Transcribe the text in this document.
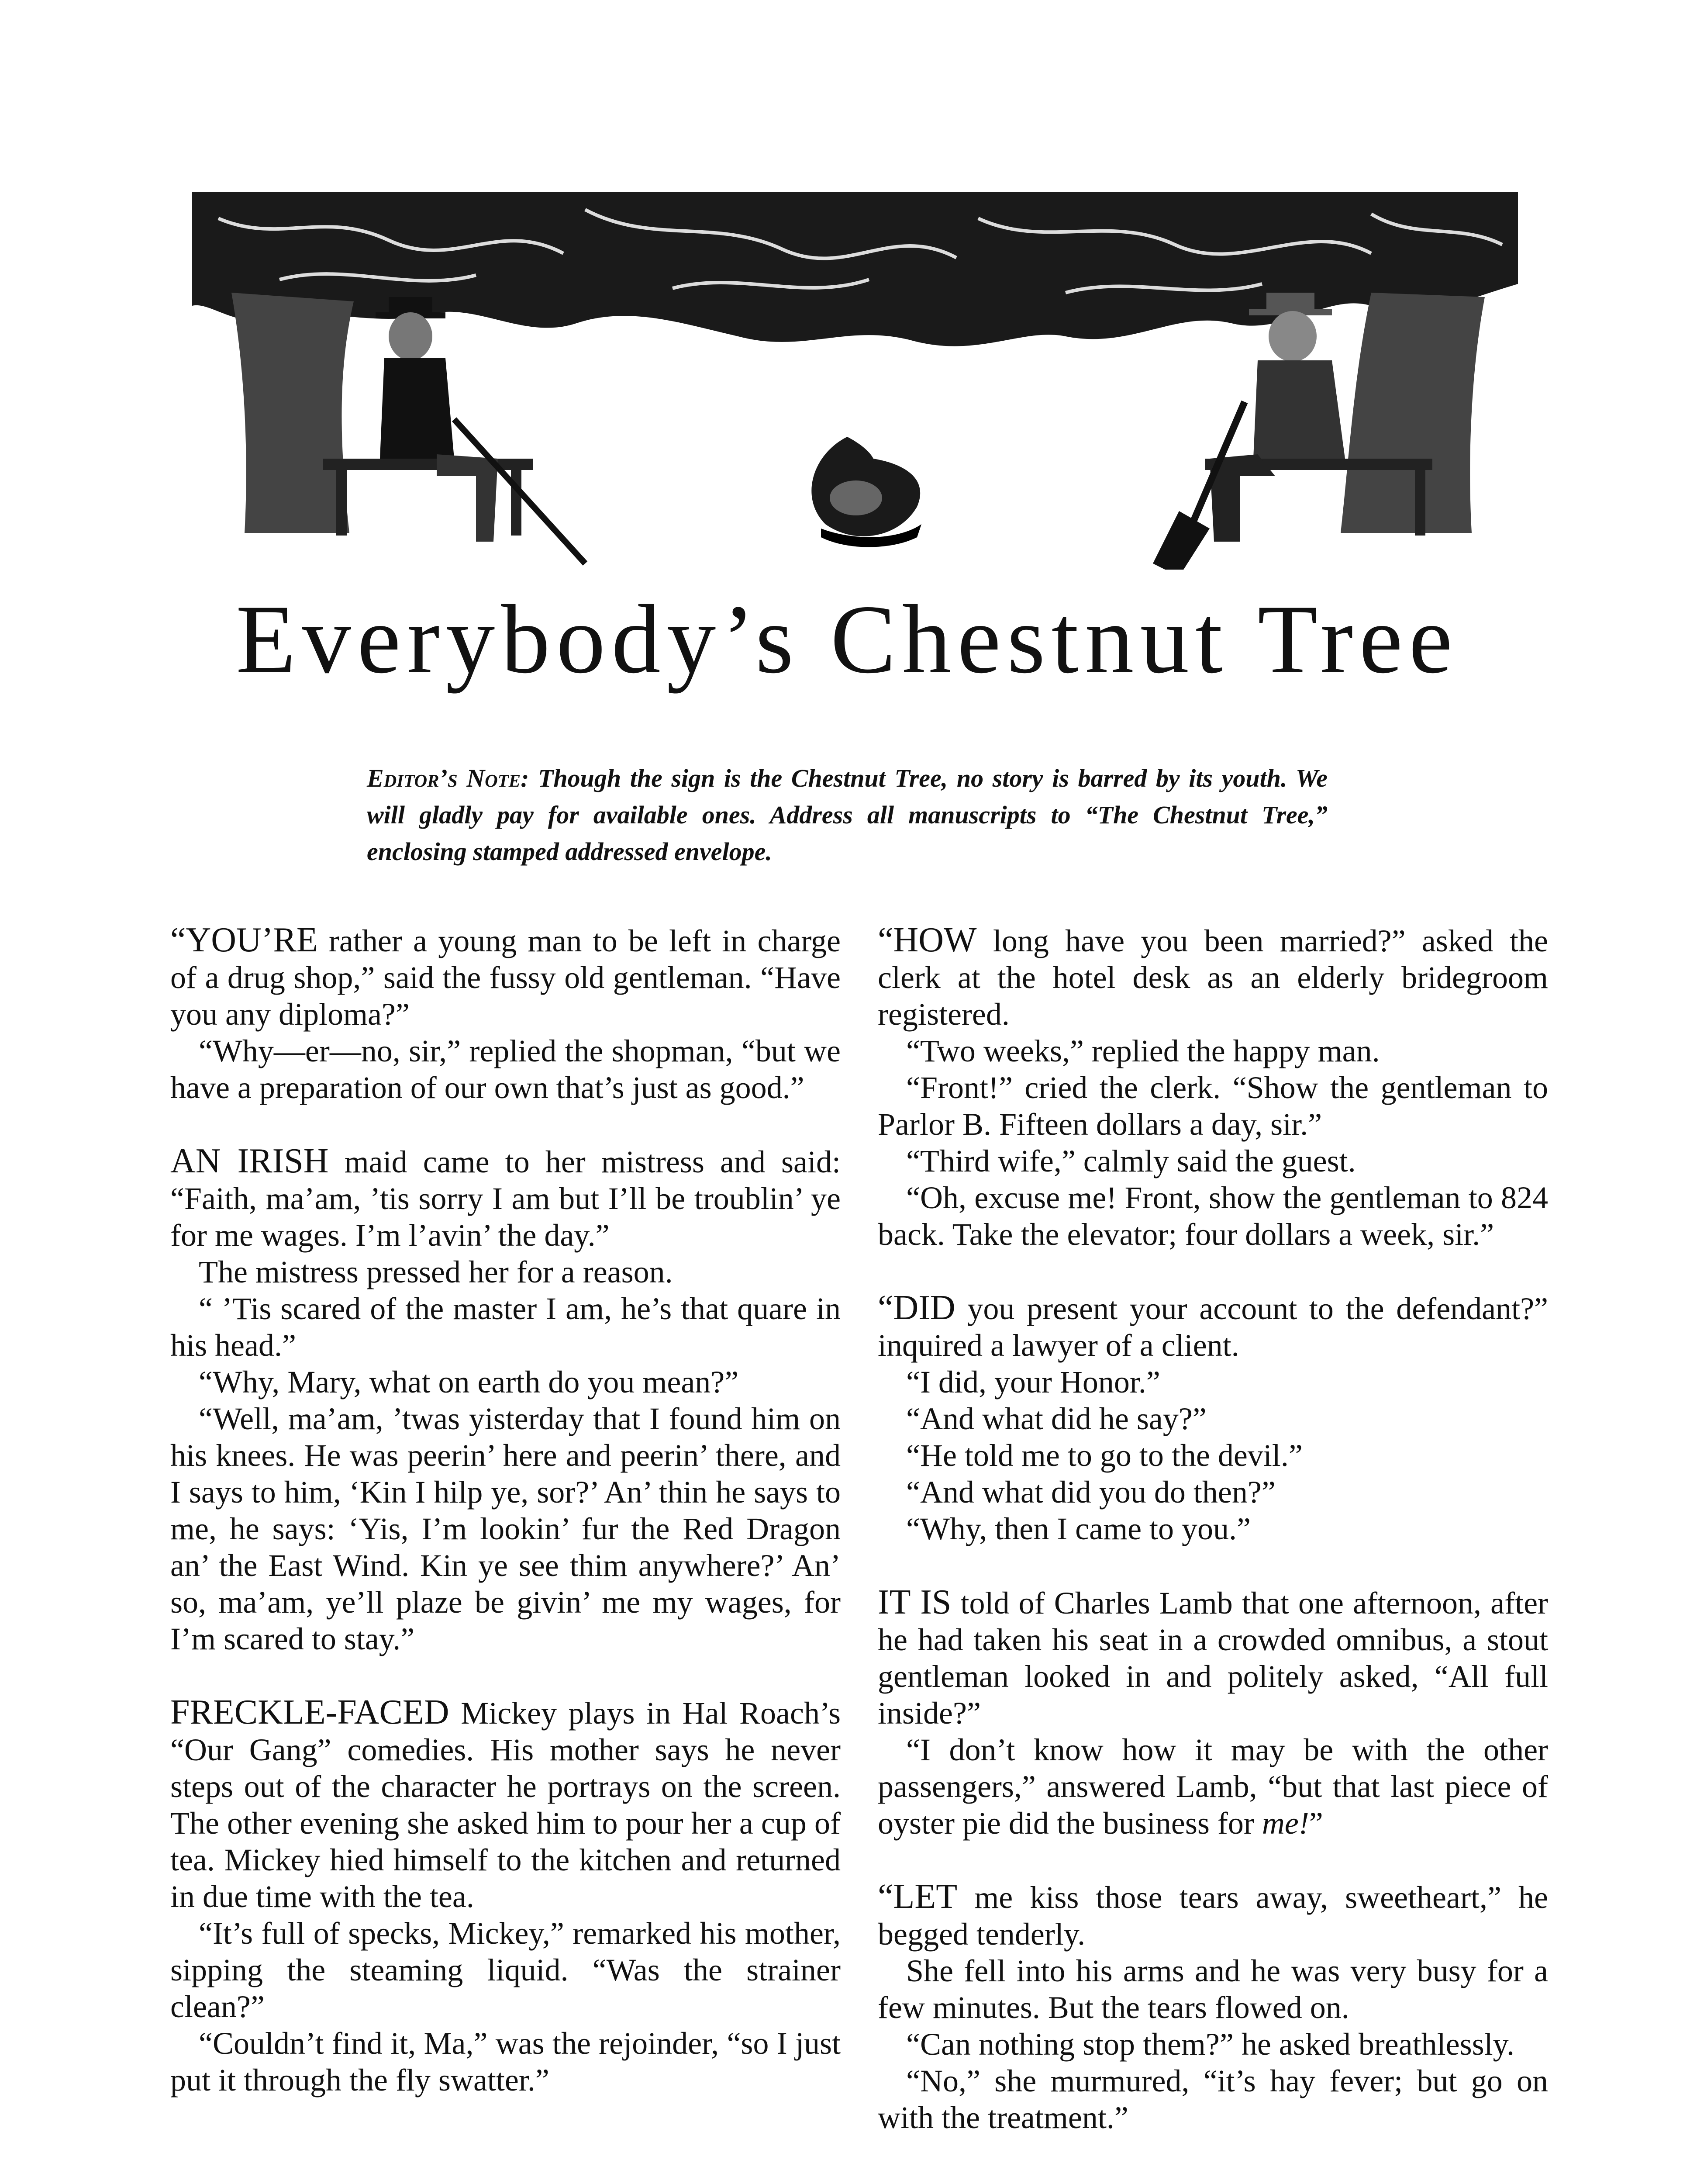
Everybody’s Chestnut Tree

Editor’s Note: Though the sign is the Chestnut Tree, no story is barred by its youth. We will gladly pay for available ones. Address all manuscripts to “The Chestnut Tree,” enclosing stamped addressed envelope.

“YOU’RE rather a young man to be left in charge of a drug shop,” said the fussy old gentleman. “Have you any diploma?”

“Why—er—no, sir,” replied the shopman, “but we have a preparation of our own that’s just as good.”

AN IRISH maid came to her mistress and said: “Faith, ma’am, ’tis sorry I am but I’ll be troublin’ ye for me wages. I’m l’avin’ the day.”

The mistress pressed her for a reason.

“ ’Tis scared of the master I am, he’s that quare in his head.”

“Why, Mary, what on earth do you mean?”

“Well, ma’am, ’twas yisterday that I found him on his knees. He was peerin’ here and peerin’ there, and I says to him, ‘Kin I hilp ye, sor?’ An’ thin he says to me, he says: ‘Yis, I’m lookin’ fur the Red Dragon an’ the East Wind. Kin ye see thim anywhere?’ An’ so, ma’am, ye’ll plaze be givin’ me my wages, for I’m scared to stay.”

FRECKLE-FACED Mickey plays in Hal Roach’s “Our Gang” comedies. His mother says he never steps out of the character he portrays on the screen. The other evening she asked him to pour her a cup of tea. Mickey hied himself to the kitchen and returned in due time with the tea.

“It’s full of specks, Mickey,” remarked his mother, sipping the steaming liquid. “Was the strainer clean?”

“Couldn’t find it, Ma,” was the rejoinder, “so I just put it through the fly swatter.”

“HOW long have you been married?” asked the clerk at the hotel desk as an elderly bridegroom registered.

“Two weeks,” replied the happy man.

“Front!” cried the clerk. “Show the gentleman to Parlor B. Fifteen dollars a day, sir.”

“Third wife,” calmly said the guest.

“Oh, excuse me! Front, show the gentleman to 824 back. Take the elevator; four dollars a week, sir.”

“DID you present your account to the defendant?” inquired a lawyer of a client.

“I did, your Honor.”

“And what did he say?”

“He told me to go to the devil.”

“And what did you do then?”

“Why, then I came to you.”

IT IS told of Charles Lamb that one afternoon, after he had taken his seat in a crowded omnibus, a stout gentleman looked in and politely asked, “All full inside?”

“I don’t know how it may be with the other passengers,” answered Lamb, “but that last piece of oyster pie did the business for me!”

“LET me kiss those tears away, sweetheart,” he begged tenderly.

She fell into his arms and he was very busy for a few minutes. But the tears flowed on.

“Can nothing stop them?” he asked breathlessly.

“No,” she murmured, “it’s hay fever; but go on with the treatment.”
